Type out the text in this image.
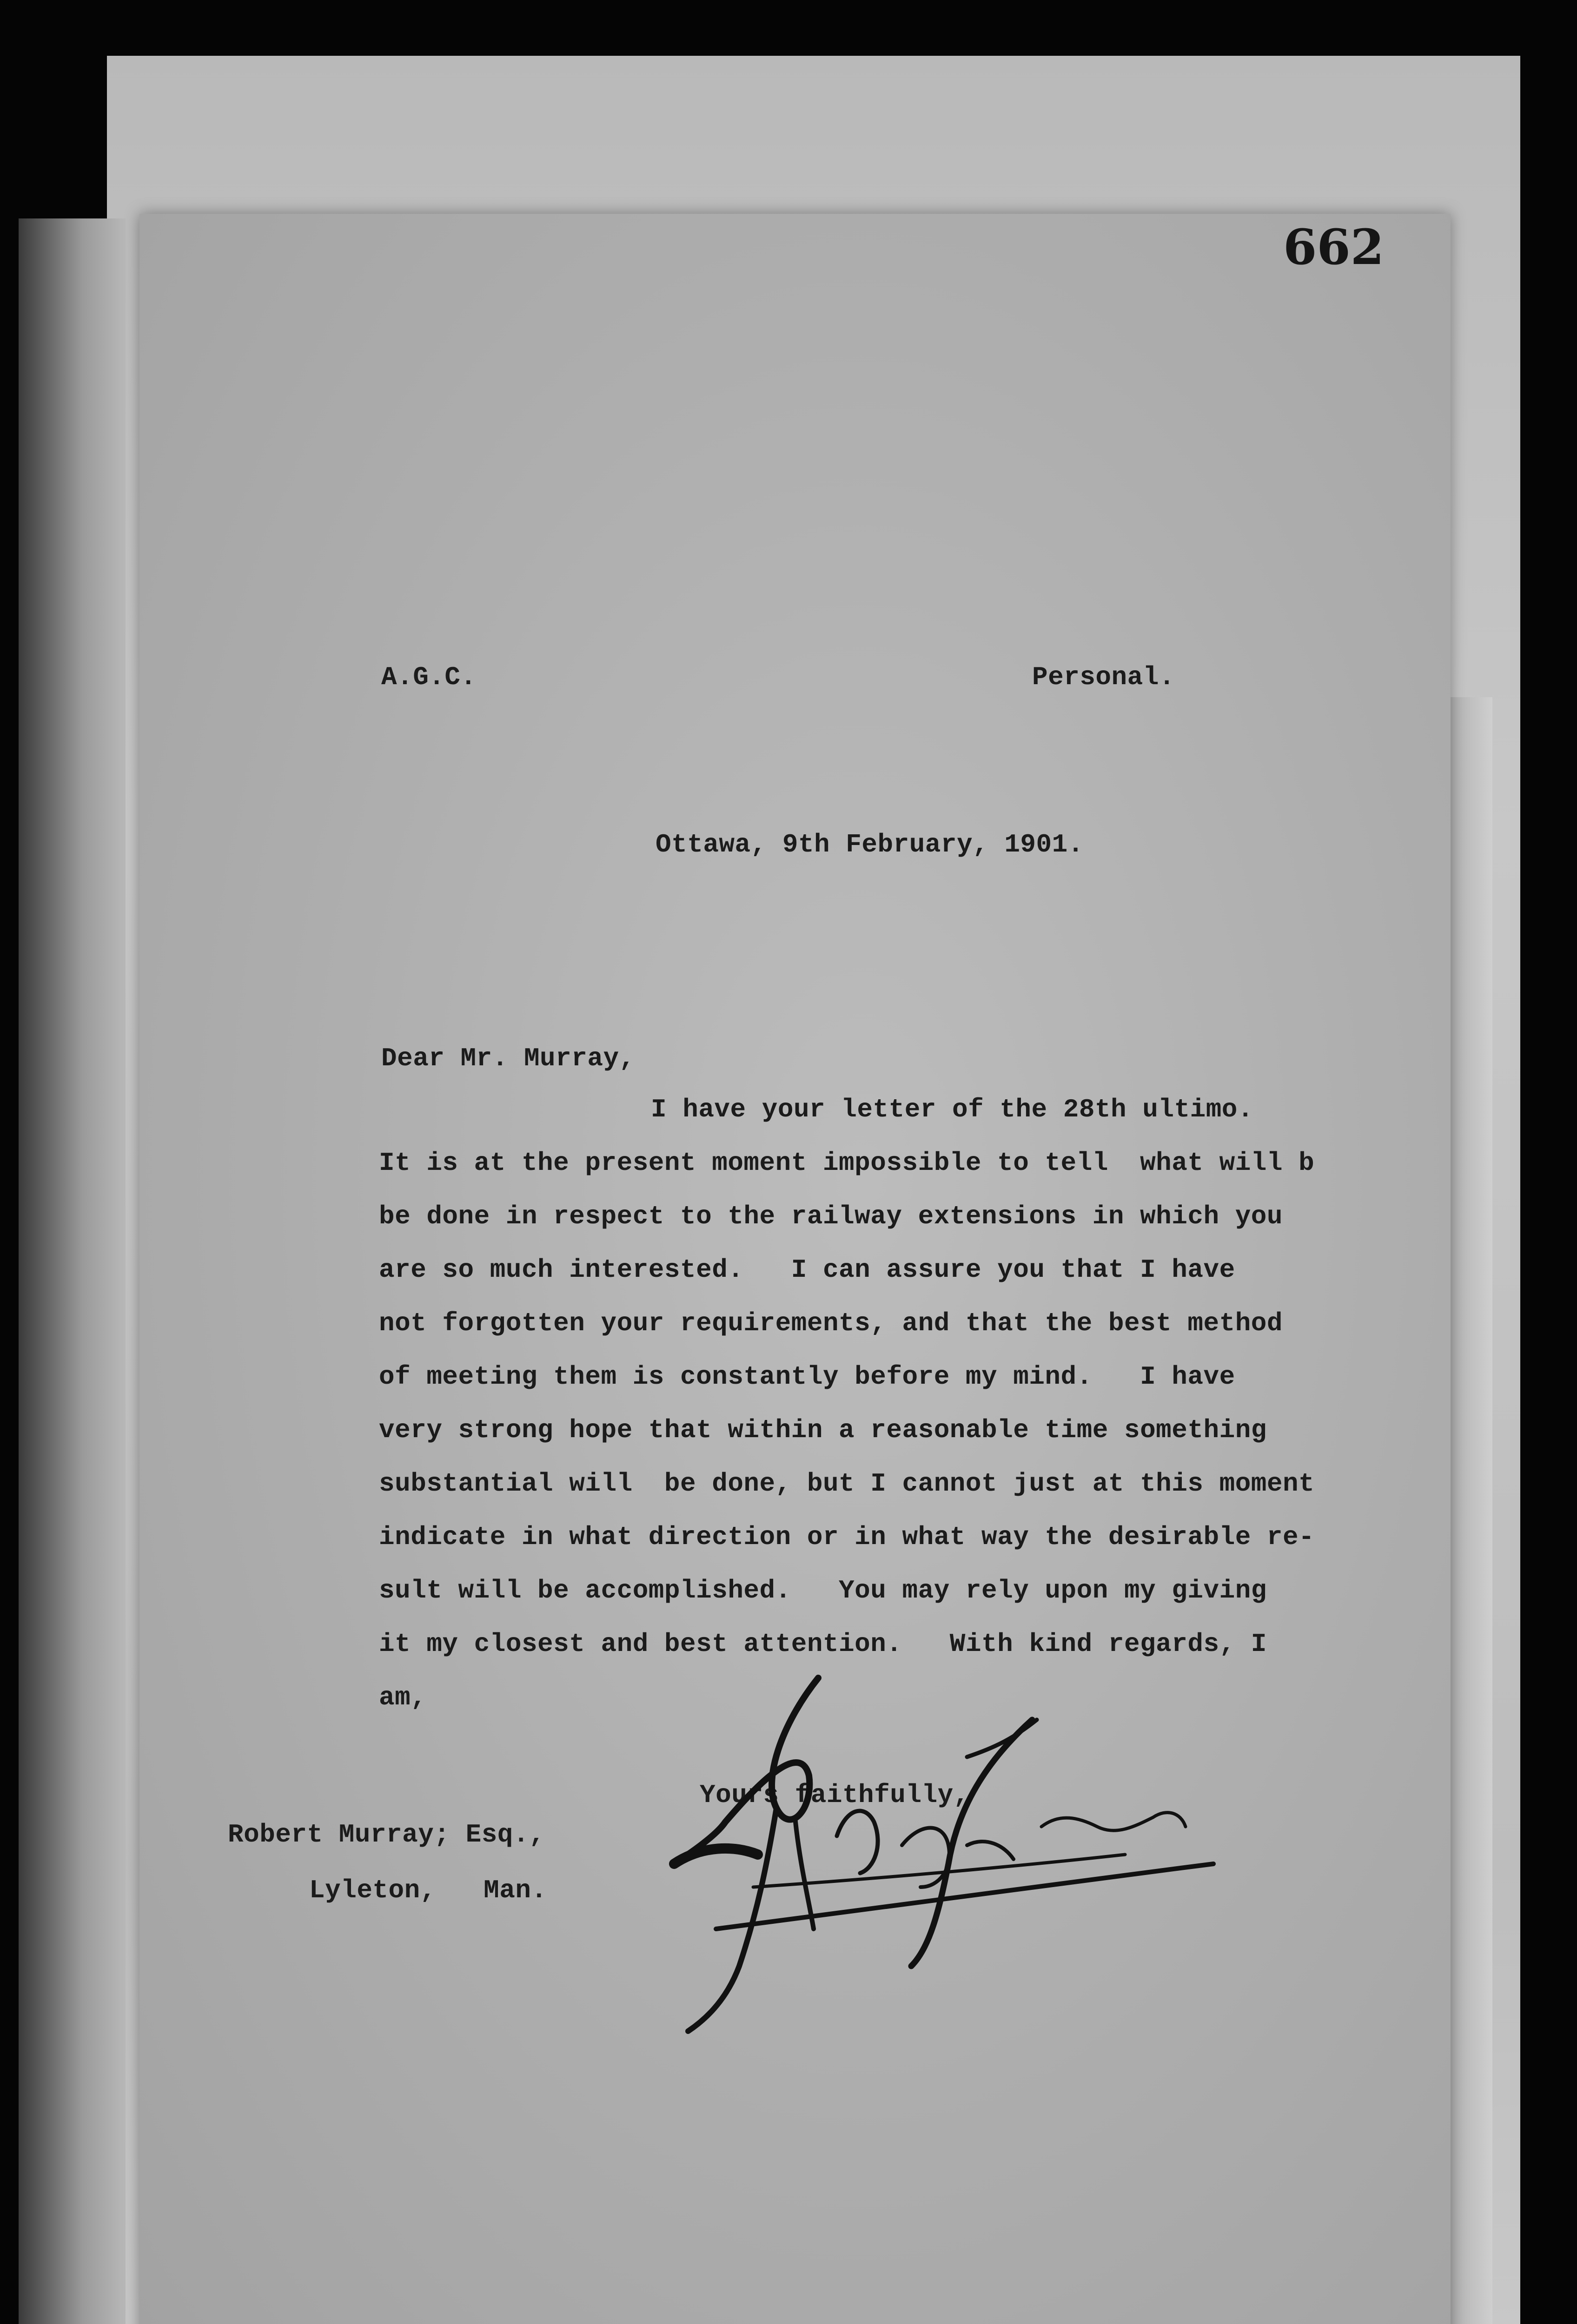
662
A.G.C.	Personal.
Ottawa, 9th February, 1901.
Dear Mr. Murray,
I have your letter of the 28th ultimo.
It is at the present moment impossible to tell  what will b
be done in respect to the railway extensions in which you
are so much interested.   I can assure you that I have
not forgotten your requirements, and that the best method
of meeting them is constantly before my mind.   I have
very strong hope that within a reasonable time something
substantial will  be done, but I cannot just at this moment
indicate in what direction or in what way the desirable re-
sult will be accomplished.   You may rely upon my giving
it my closest and best attention.   With kind regards, I
am,
Yours faithfully,
Robert Murray; Esq.,
Lyleton,   Man.
